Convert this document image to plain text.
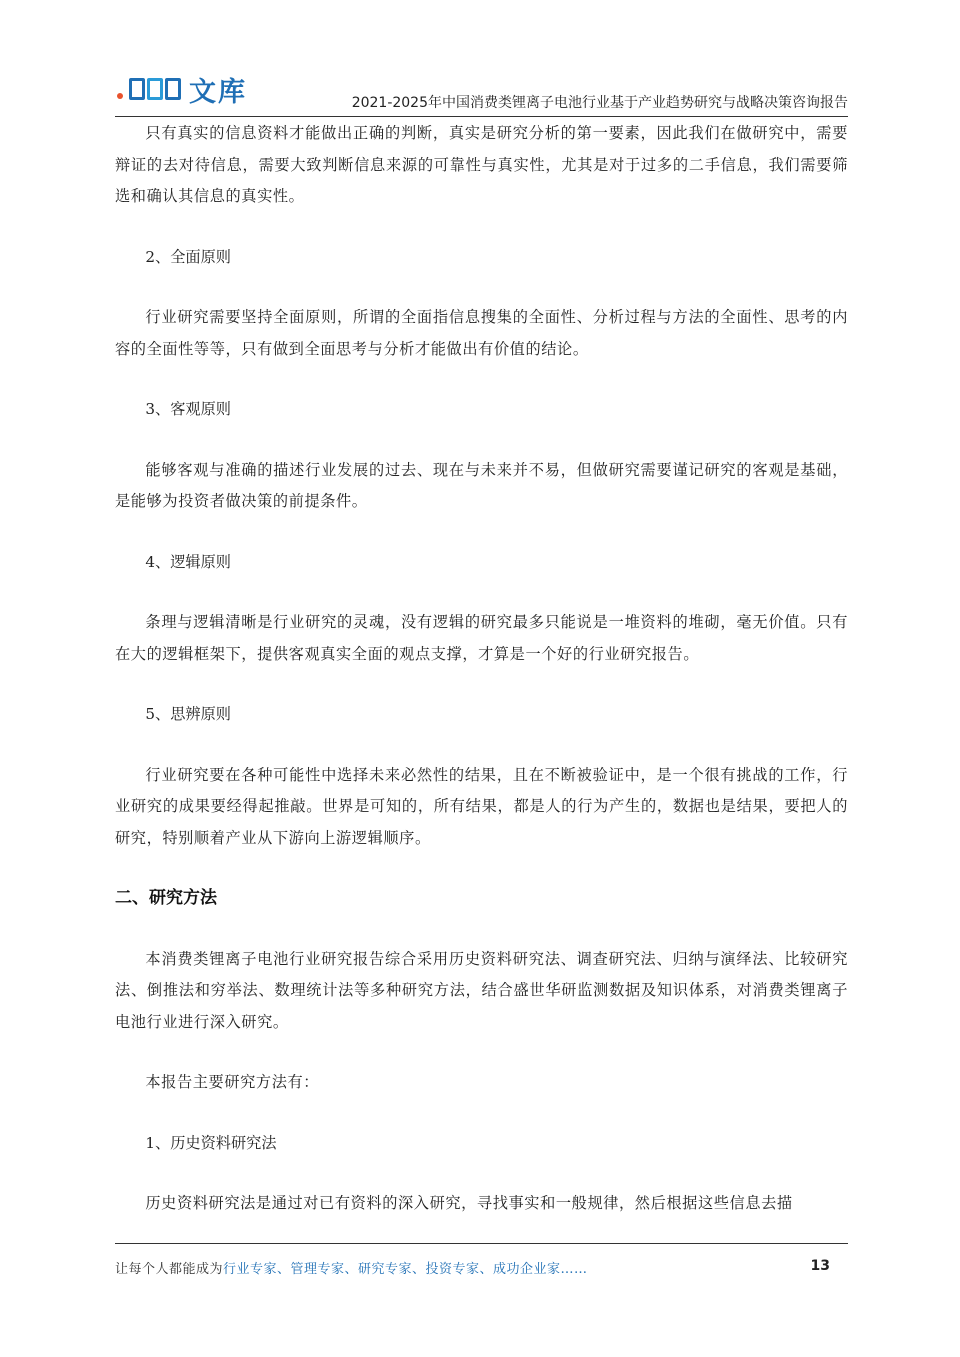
文库	2021-2025年中国消费类锂离子电池行业基于产业趋势研究与战略决策咨询报告

只有真实的信息资料才能做出正确的判断，真实是研究分析的第一要素，因此我们在做研究中，需要辩证的去对待信息，需要大致判断信息来源的可靠性与真实性，尤其是对于过多的二手信息，我们需要筛选和确认其信息的真实性。

2、全面原则

行业研究需要坚持全面原则，所谓的全面指信息搜集的全面性、分析过程与方法的全面性、思考的内容的全面性等等，只有做到全面思考与分析才能做出有价值的结论。

3、客观原则

能够客观与准确的描述行业发展的过去、现在与未来并不易，但做研究需要谨记研究的客观是基础，是能够为投资者做决策的前提条件。

4、逻辑原则

条理与逻辑清晰是行业研究的灵魂，没有逻辑的研究最多只能说是一堆资料的堆砌，毫无价值。只有在大的逻辑框架下，提供客观真实全面的观点支撑，才算是一个好的行业研究报告。

5、思辨原则

行业研究要在各种可能性中选择未来必然性的结果，且在不断被验证中，是一个很有挑战的工作，行业研究的成果要经得起推敲。世界是可知的，所有结果，都是人的行为产生的，数据也是结果，要把人的研究，特别顺着产业从下游向上游逻辑顺序。

二、研究方法

本消费类锂离子电池行业研究报告综合采用历史资料研究法、调查研究法、归纳与演绎法、比较研究法、倒推法和穷举法、数理统计法等多种研究方法，结合盛世华研监测数据及知识体系，对消费类锂离子电池行业进行深入研究。

本报告主要研究方法有：

1、历史资料研究法

历史资料研究法是通过对已有资料的深入研究，寻找事实和一般规律，然后根据这些信息去描

让每个人都能成为行业专家、管理专家、研究专家、投资专家、成功企业家……	13
